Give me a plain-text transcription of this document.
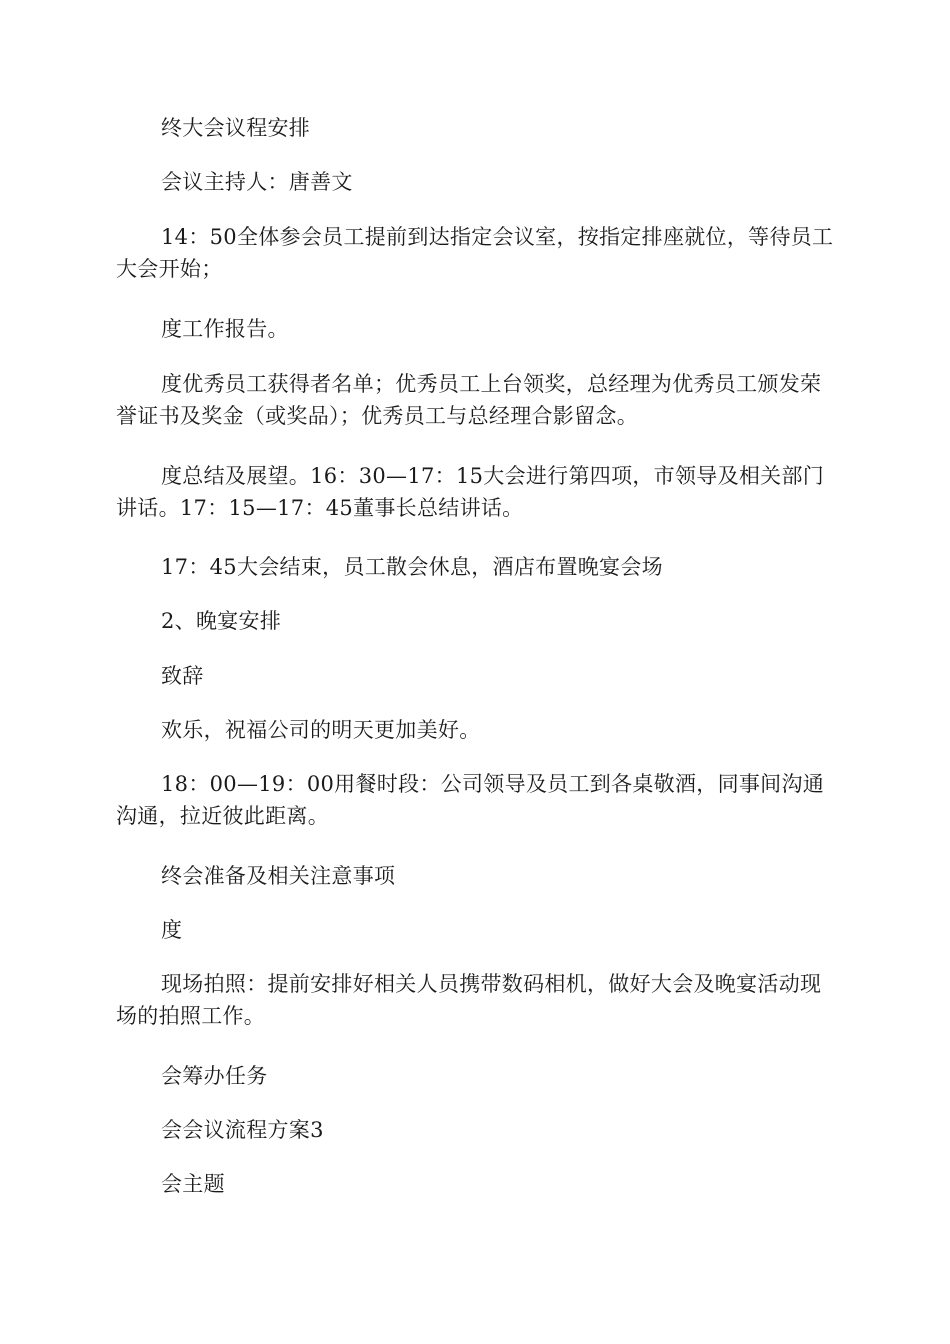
终大会议程安排

会议主持人：唐善文

14：50全体参会员工提前到达指定会议室，按指定排座就位，等待员工大会开始；

度工作报告。

度优秀员工获得者名单；优秀员工上台领奖，总经理为优秀员工颁发荣誉证书及奖金（或奖品）；优秀员工与总经理合影留念。

度总结及展望。16：30—17：15大会进行第四项，市领导及相关部门讲话。17：15—17：45董事长总结讲话。

17：45大会结束，员工散会休息，酒店布置晚宴会场

2、晚宴安排

致辞

欢乐，祝福公司的明天更加美好。

18：00—19：00用餐时段：公司领导及员工到各桌敬酒，同事间沟通沟通，拉近彼此距离。

终会准备及相关注意事项

度

现场拍照：提前安排好相关人员携带数码相机，做好大会及晚宴活动现场的拍照工作。

会筹办任务

会会议流程方案3

会主题
